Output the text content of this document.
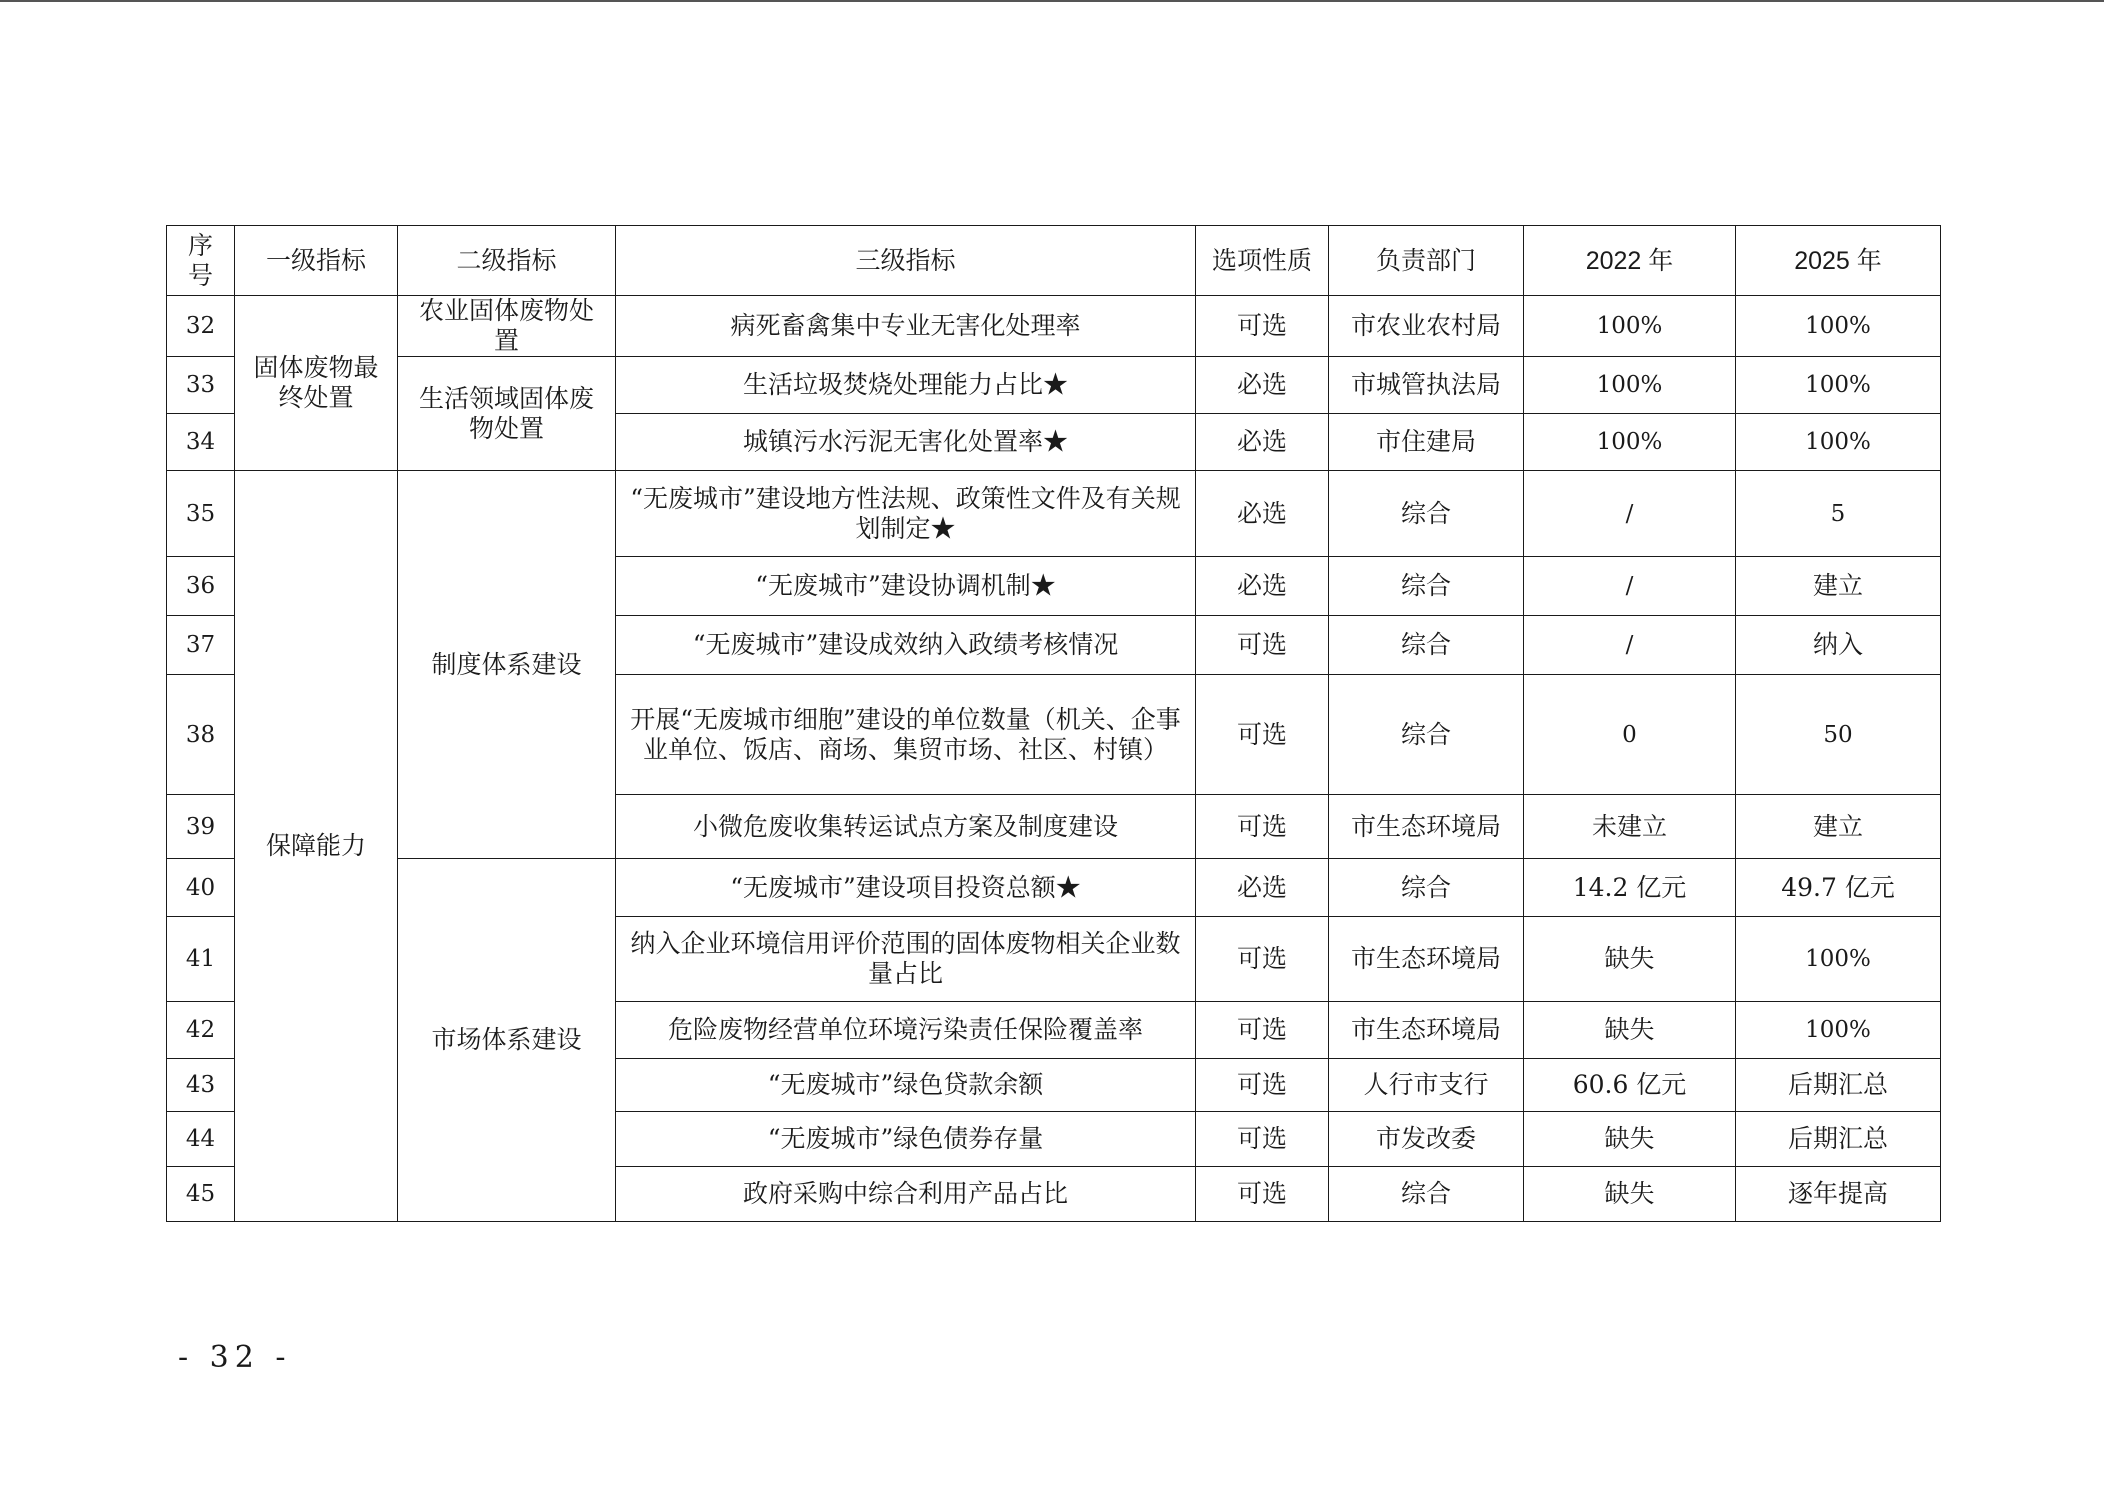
序号	一级指标	二级指标	三级指标	选项性质	负责部门	2022 年	2025 年
32	固体废物最终处置	农业固体废物处置	病死畜禽集中专业无害化处理率	可选	市农业农村局	100%	100%
33		生活领域固体废物处置	生活垃圾焚烧处理能力占比★	必选	市城管执法局	100%	100%
34			城镇污水污泥无害化处置率★	必选	市住建局	100%	100%
35	保障能力	制度体系建设	“无废城市”建设地方性法规、政策性文件及有关规划制定★	必选	综合	/	5
36			“无废城市”建设协调机制★	必选	综合	/	建立
37			“无废城市”建设成效纳入政绩考核情况	可选	综合	/	纳入
38			开展“无废城市细胞”建设的单位数量（机关、企事业单位、饭店、商场、集贸市场、社区、村镇）	可选	综合	0	50
39			小微危废收集转运试点方案及制度建设	可选	市生态环境局	未建立	建立
40		市场体系建设	“无废城市”建设项目投资总额★	必选	综合	14.2 亿元	49.7 亿元
41			纳入企业环境信用评价范围的固体废物相关企业数量占比	可选	市生态环境局	缺失	100%
42			危险废物经营单位环境污染责任保险覆盖率	可选	市生态环境局	缺失	100%
43			“无废城市”绿色贷款余额	可选	人行市支行	60.6 亿元	后期汇总
44			“无废城市”绿色债券存量	可选	市发改委	缺失	后期汇总
45			政府采购中综合利用产品占比	可选	综合	缺失	逐年提高
- 32 -
